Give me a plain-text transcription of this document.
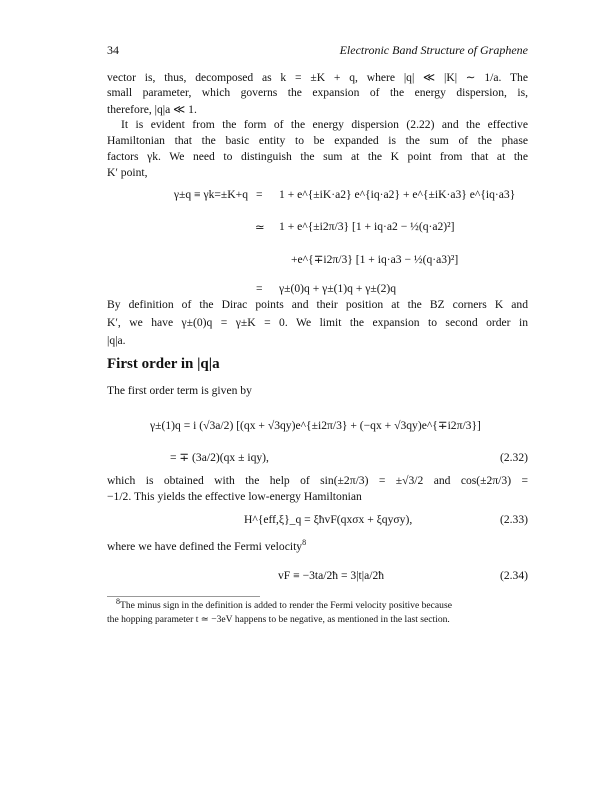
34	Electronic Band Structure of Graphene
vector is, thus, decomposed as k = ±K + q, where |q| ≪ |K| ∼ 1/a. The
small parameter, which governs the expansion of the energy dispersion, is,
therefore, |q|a ≪ 1.
It is evident from the form of the energy dispersion (2.22) and the effective
Hamiltonian that the basic entity to be expanded is the sum of the phase
factors γk. We need to distinguish the sum at the K point from that at the
K′ point,
γ±q ≡ γk=±K+q = 1 + e^{±iK·a2} e^{iq·a2} + e^{±iK·a3} e^{iq·a3}
≃ 1 + e^{±i2π/3} [1 + iq·a2 − ½(q·a2)²]
+e^{∓i2π/3} [1 + iq·a3 − ½(q·a3)²]
= γ±(0)q + γ±(1)q + γ±(2)q
By definition of the Dirac points and their position at the BZ corners K and
K′, we have γ±(0)q = γ±K = 0. We limit the expansion to second order in
|q|a.
First order in |q|a
The first order term is given by
γ±(1)q = i (√3a/2) [(qx + √3qy)e^{±i2π/3} + (−qx + √3qy)e^{∓i2π/3}]
= ∓ (3a/2)(qx ± iqy),	(2.32)
which is obtained with the help of sin(±2π/3) = ±√3/2 and cos(±2π/3) =
−1/2. This yields the effective low-energy Hamiltonian
H^{eff,ξ}_q = ξħvF(qxσx + ξqyσy),	(2.33)
where we have defined the Fermi velocity$^8$
vF ≡ −3ta/2ħ = 3|t|a/2ħ	(2.34)
$^8$The minus sign in the definition is added to render the Fermi velocity positive because
the hopping parameter t ≃ −3eV happens to be negative, as mentioned in the last section.
